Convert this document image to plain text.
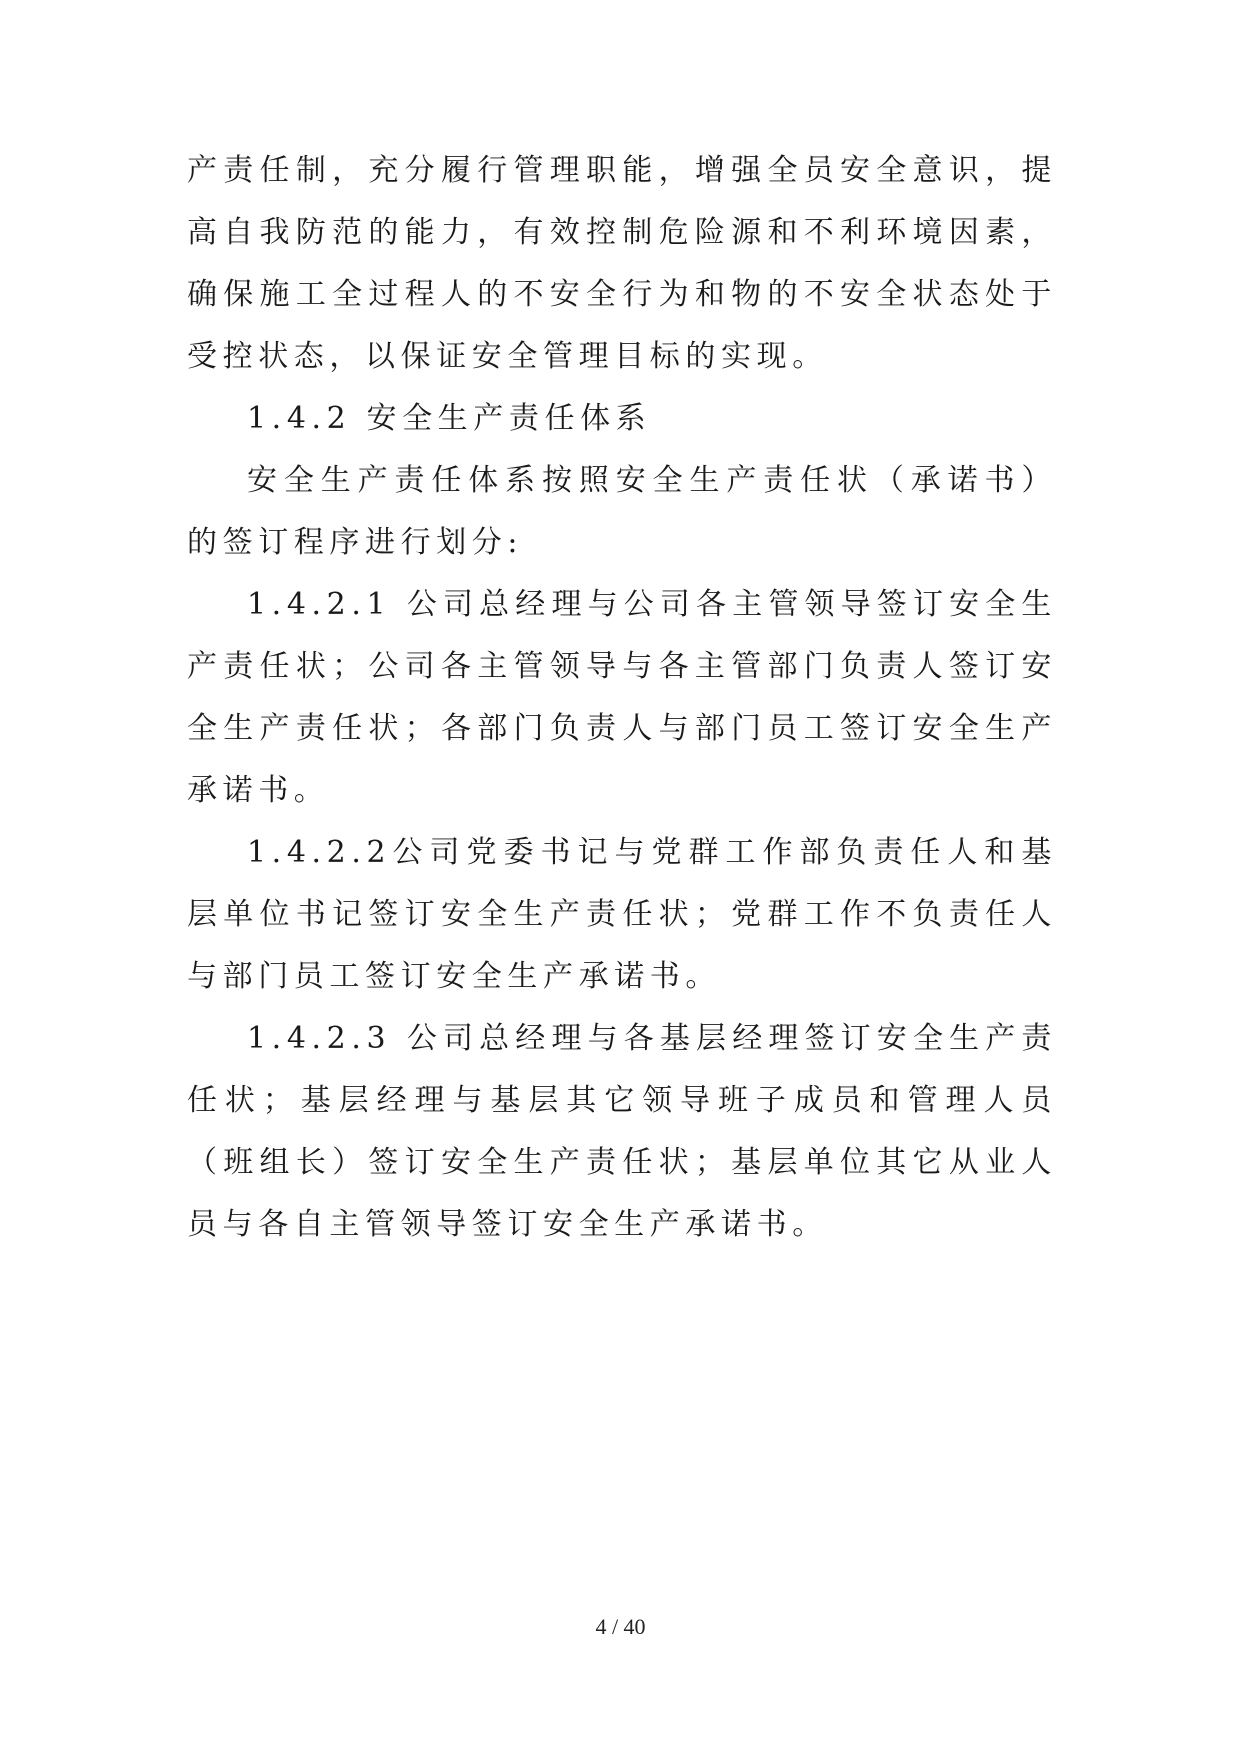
产责任制，充分履行管理职能，增强全员安全意识，提高自我防范的能力，有效控制危险源和不利环境因素，确保施工全过程人的不安全行为和物的不安全状态处于受控状态，以保证安全管理目标的实现。

1.4.2 安全生产责任体系

安全生产责任体系按照安全生产责任状（承诺书）的签订程序进行划分:

1.4.2.1 公司总经理与公司各主管领导签订安全生产责任状；公司各主管领导与各主管部门负责人签订安全生产责任状；各部门负责人与部门员工签订安全生产承诺书。

1.4.2.2公司党委书记与党群工作部负责任人和基层单位书记签订安全生产责任状；党群工作不负责任人与部门员工签订安全生产承诺书。

1.4.2.3 公司总经理与各基层经理签订安全生产责任状；基层经理与基层其它领导班子成员和管理人员（班组长）签订安全生产责任状；基层单位其它从业人员与各自主管领导签订安全生产承诺书。

4 / 40
